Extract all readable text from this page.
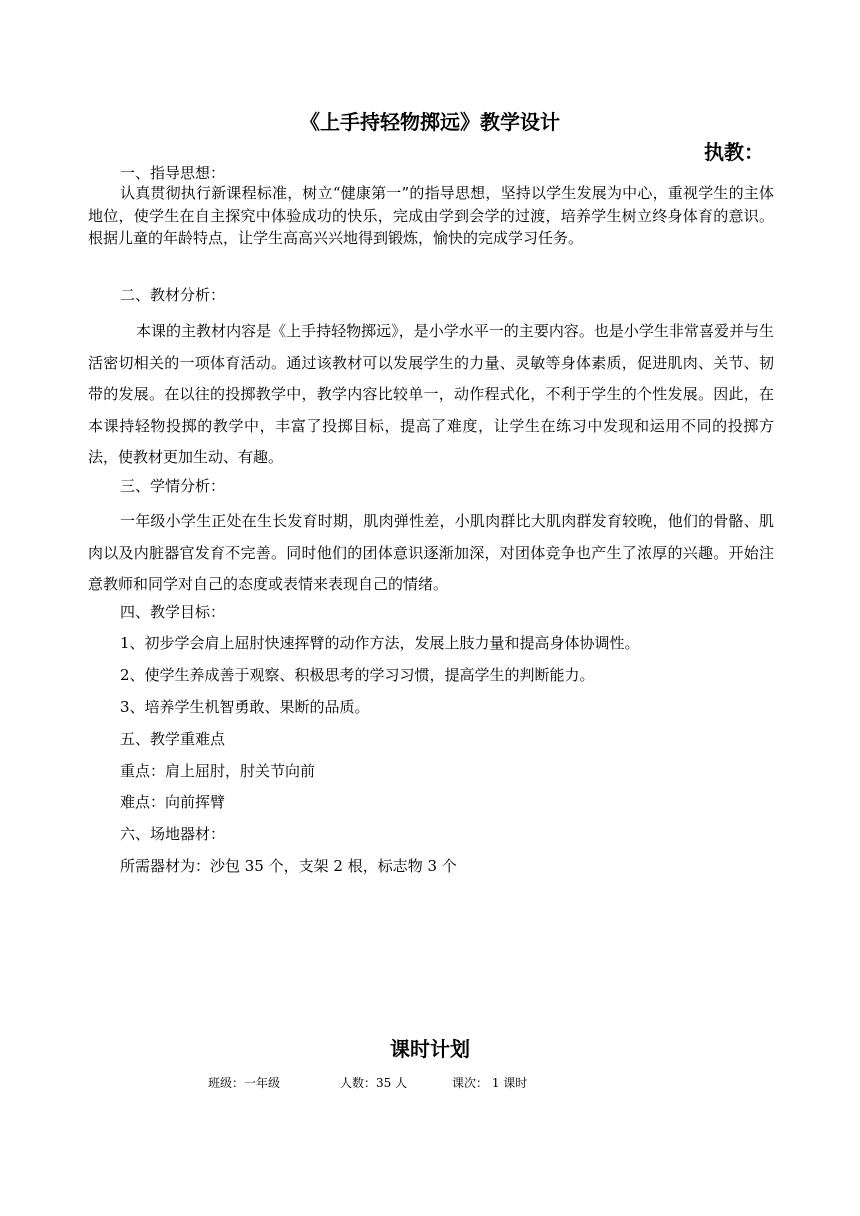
《上手持轻物掷远》教学设计
执教：
一、指导思想：

认真贯彻执行新课程标准，树立“健康第一”的指导思想，坚持以学生发展为中心，重视学生的主体地位，使学生在自主探究中体验成功的快乐，完成由学到会学的过渡，培养学生树立终身体育的意识。根据儿童的年龄特点，让学生高高兴兴地得到锻炼，愉快的完成学习任务。

二、教材分析：

本课的主教材内容是《上手持轻物掷远》，是小学水平一的主要内容。也是小学生非常喜爱并与生活密切相关的一项体育活动。通过该教材可以发展学生的力量、灵敏等身体素质，促进肌肉、关节、韧带的发展。在以往的投掷教学中，教学内容比较单一，动作程式化，不利于学生的个性发展。因此，在本课持轻物投掷的教学中，丰富了投掷目标，提高了难度，让学生在练习中发现和运用不同的投掷方法，使教材更加生动、有趣。

三、学情分析：

一年级小学生正处在生长发育时期，肌肉弹性差，小肌肉群比大肌肉群发育较晚，他们的骨骼、肌肉以及内脏器官发育不完善。同时他们的团体意识逐渐加深，对团体竞争也产生了浓厚的兴趣。开始注意教师和同学对自己的态度或表情来表现自己的情绪。

四、教学目标：
1、初步学会肩上屈肘快速挥臂的动作方法，发展上肢力量和提高身体协调性。
2、使学生养成善于观察、积极思考的学习习惯，提高学生的判断能力。
3、培养学生机智勇敢、果断的品质。
五、教学重难点
重点：肩上屈肘，肘关节向前
难点：向前挥臂
六、场地器材：
所需器材为：沙包 35 个，支架 2 根，标志物 3 个
课时计划
班级：一年级	人数：35 人	课次： 1 课时
